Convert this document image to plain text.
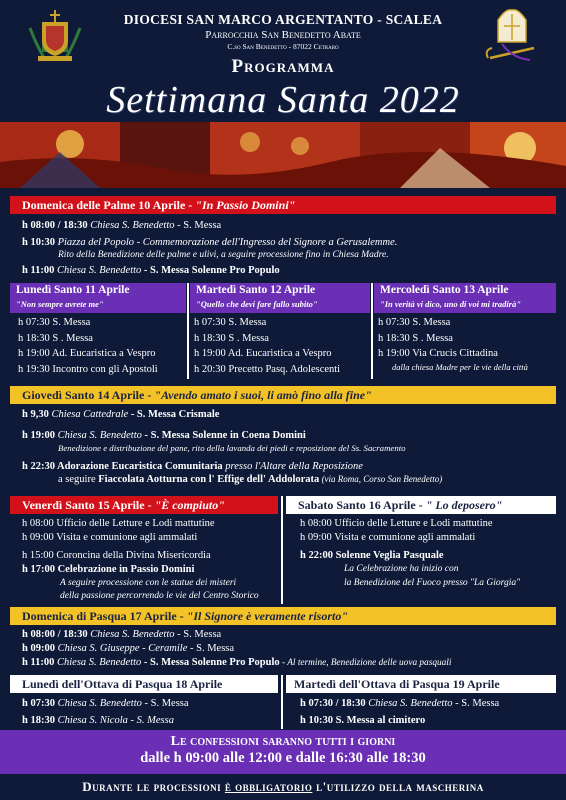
DIOCESI SAN MARCO ARGENTANTO - SCALEA
Parrocchia San Benedetto Abate
C.so San Benedetto - 87022 Cetraro
Programma
Settimana Santa 2022
Domenica delle Palme 10 Aprile - "In Passio Domini"
h 08:00 / 18:30 Chiesa S. Benedetto - S. Messa
h 10:30 Piazza del Popolo - Commemorazione dell'Ingresso del Signore a Gerusalemme.
Rito della Benedizione delle palme e ulivi, a seguire processione fino in Chiesa Madre.
h 11:00 Chiesa S. Benedetto - S. Messa Solenne Pro Populo
Lunedì Santo 11 Aprile
"Non sempre avrete me"
Martedì Santo 12 Aprile
"Quello che devi fare fallo subito"
Mercoledì Santo 13 Aprile
"In verità vi dico, uno di voi mi tradirà"
h 07:30 S. Messa
h 18:30 S . Messa
h 19:00 Ad. Eucaristica a Vespro
h 19:30 Incontro con gli Apostoli
h 07:30 S. Messa
h 18:30 S . Messa
h 19:00 Ad. Eucaristica a Vespro
h 20:30 Precetto Pasq. Adolescenti
h 07:30 S. Messa
h 18:30 S . Messa
h 19:00 Via Crucis Cittadina
dalla chiesa Madre per le vie della città
Giovedì Santo 14 Aprile - "Avendo amato i suoi, li amò fino alla fine"
h 9,30 Chiesa Cattedrale - S. Messa Crismale
h 19:00 Chiesa S. Benedetto - S. Messa Solenne in Coena Domini
Benedizione e distribuzione del pane, rito della lavanda dei piedi e reposizione del Ss. Sacramento
h 22:30 Adorazione Eucaristica Comunitaria presso l'Altare della Reposizione
a seguire Fiaccolata Aotturna con l' Effige dell' Addolorata (via Roma, Corso San Benedetto)
Venerdì Santo 15 Aprile - "È compiuto"	Sabato Santo 16 Aprile - " Lo deposero"
h 08:00 Ufficio delle Letture e Lodi mattutine
h 09:00 Visita e comunione agli ammalati
h 15:00 Coroncina della Divina Misericordia
h 17:00 Celebrazione in Passio Domini
A seguire processione con le statue dei misteri
della passione percorrendo le vie del Centro Storico
h 08:00 Ufficio delle Letture e Lodi mattutine
h 09:00 Visita e comunione agli ammalati
h 22:00 Solenne Veglia Pasquale
La Celebrazione ha inizio con
la Benedizione del Fuoco presso "La Giorgia"
Domenica di Pasqua 17 Aprile - "Il Signore è veramente risorto"
h 08:00 / 18:30 Chiesa S. Benedetto - S. Messa
h 09:00 Chiesa S. Giuseppe - Ceramile - S. Messa
h 11:00 Chiesa S. Benedetto - S. Messa Solenne Pro Populo - Al termine, Benedizione delle uova pasquali
Lunedì dell'Ottava di Pasqua 18 Aprile	Martedì dell'Ottava di Pasqua 19 Aprile
h 07:30 Chiesa S. Benedetto - S. Messa
h 18:30 Chiesa S. Nicola - S. Messa
h 07:30 / 18:30 Chiesa S. Benedetto - S. Messa
h 10:30 S. Messa al cimitero
Le confessioni saranno tutti i giorni
dalle h 09:00 alle 12:00 e dalle 16:30 alle 18:30
Durante le processioni è obbligatorio l'utilizzo della mascherina
